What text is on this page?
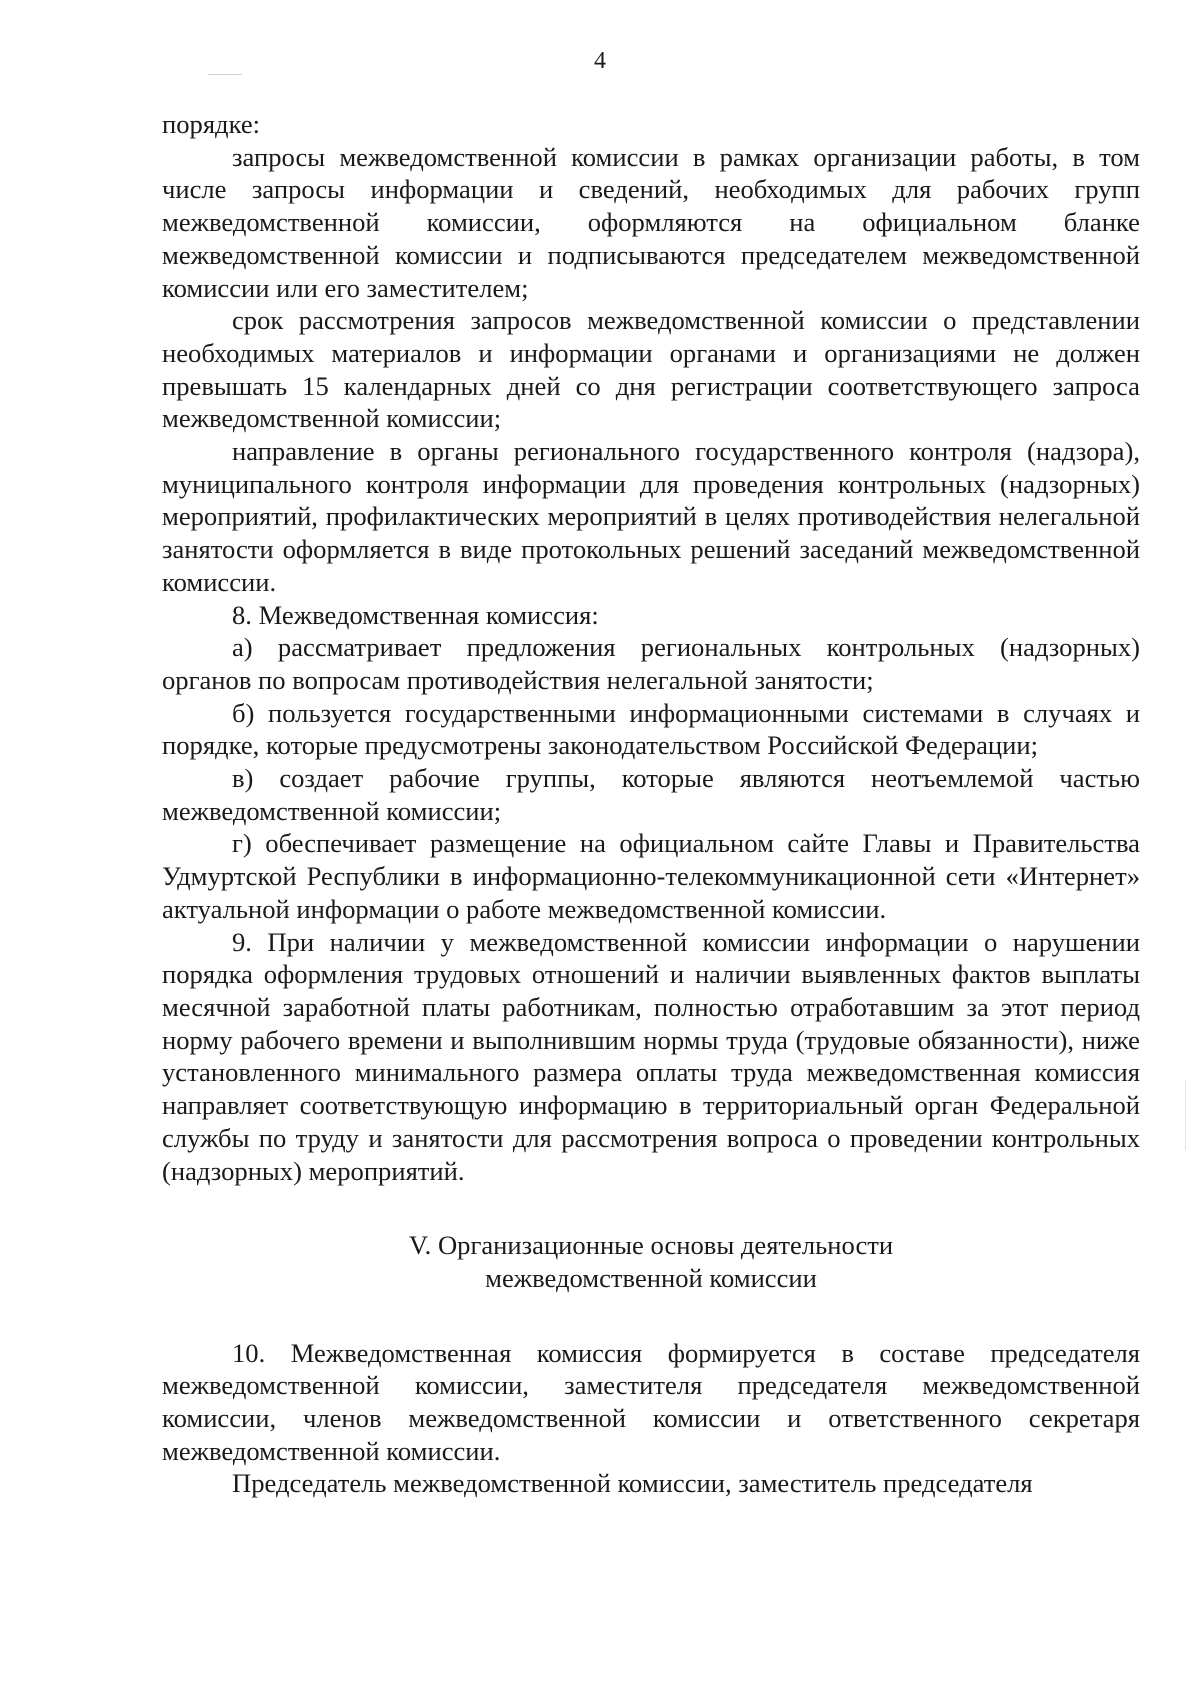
4

порядке:

запросы межведомственной комиссии в рамках организации работы, в том числе запросы информации и сведений, необходимых для рабочих групп межведомственной комиссии, оформляются на официальном бланке межведомственной комиссии и подписываются председателем межведомственной комиссии или его заместителем;

срок рассмотрения запросов межведомственной комиссии о представлении необходимых материалов и информации органами и организациями не должен превышать 15 календарных дней со дня регистрации соответствующего запроса межведомственной комиссии;

направление в органы регионального государственного контроля (надзора), муниципального контроля информации для проведения контрольных (надзорных) мероприятий, профилактических мероприятий в целях противодействия нелегальной занятости оформляется в виде протокольных решений заседаний межведомственной комиссии.

8. Межведомственная комиссия:

а) рассматривает предложения региональных контрольных (надзорных) органов по вопросам противодействия нелегальной занятости;

б) пользуется государственными информационными системами в случаях и порядке, которые предусмотрены законодательством Российской Федерации;

в) создает рабочие группы, которые являются неотъемлемой частью межведомственной комиссии;

г) обеспечивает размещение на официальном сайте Главы и Правительства Удмуртской Республики в информационно-телекоммуникационной сети «Интернет» актуальной информации о работе межведомственной комиссии.

9. При наличии у межведомственной комиссии информации о нарушении порядка оформления трудовых отношений и наличии выявленных фактов выплаты месячной заработной платы работникам, полностью отработавшим за этот период норму рабочего времени и выполнившим нормы труда (трудовые обязанности), ниже установленного минимального размера оплаты труда межведомственная комиссия направляет соответствующую информацию в территориальный орган Федеральной службы по труду и занятости для рассмотрения вопроса о проведении контрольных (надзорных) мероприятий.

V. Организационные основы деятельности
межведомственной комиссии

10. Межведомственная комиссия формируется в составе председателя межведомственной комиссии, заместителя председателя межведомственной комиссии, членов межведомственной комиссии и ответственного секретаря межведомственной комиссии.

Председатель межведомственной комиссии, заместитель председателя
